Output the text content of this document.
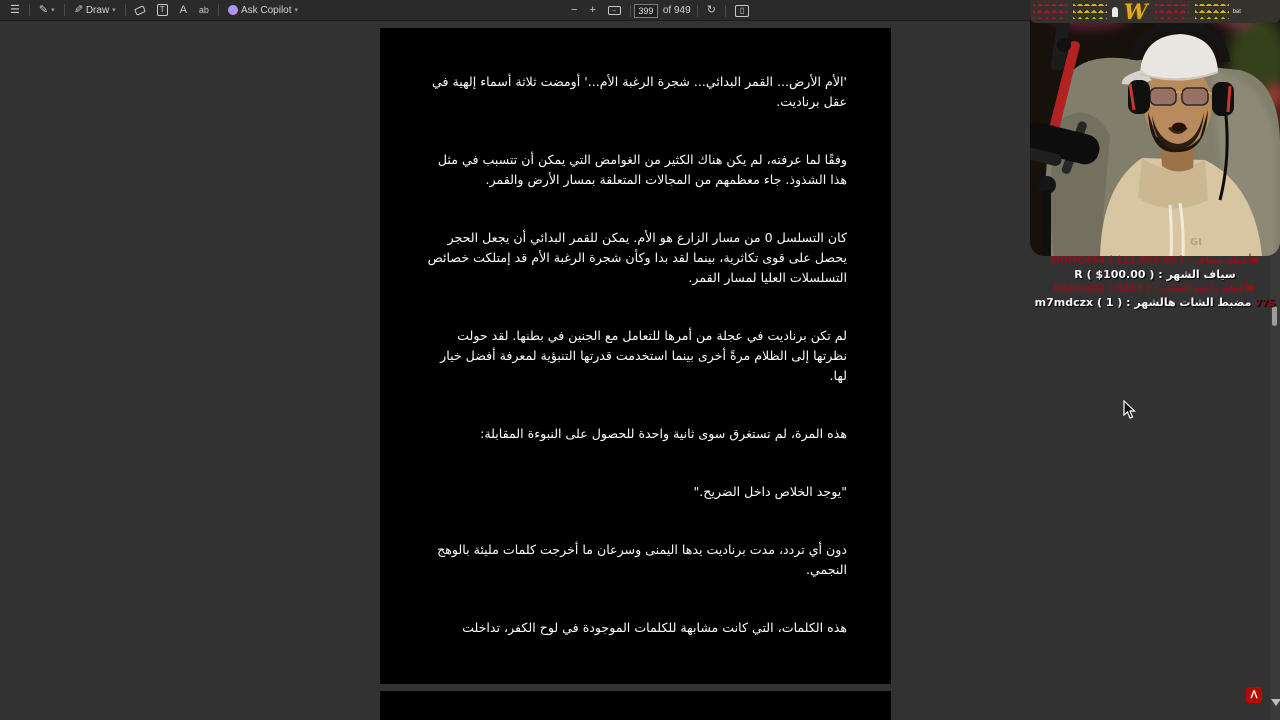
☰ ✎ ▾ ✎ Draw ▾	T A ab	Ask Copilot ▾	− +	⇔
399	of 949 ↻	▯

'الأم الأرض... القمر البدائي... شجرة الرغبة الأم...' أومضت ثلاثة أسماء إلهية في عقل برناديت.

وفقًا لما عرفته، لم يكن هناك الكثير من الغوامض التي يمكن أن تتسبب في مثل هذا الشذوذ. جاء معظمهم من المجالات المتعلقة بمسار الأرض والقمر.

كان التسلسل 0 من مسار الزارع هو الأم. يمكن للقمر البدائي أن يجعل الحجر يحصل على قوى تكاثرية، بينما لقد بدا وكأن شجرة الرغبة الأم قد إمتلكت خصائص التسلسلات العليا لمسار القمر.

لم تكن برناديت في عجلة من أمرها للتعامل مع الجنين في بطنها. لقد حولت نظرتها إلى الظلام مرةً أخرى بينما استخدمت قدرتها التنبؤية لمعرفة أفضل خيار لها.

هذه المرة، لم تستغرق سوى ثانية واحدة للحصول على النبوءة المقابلة:

"يوجد الخلاص داخل الضريح."

دون أي تردد، مدت برناديت يدها اليمنى وسرعان ما أخرجت كلمات مليئة بالوهج النجمي.

هذه الكلمات، التي كانت مشابهة للكلمات الموجودة في لوح الكفر، تداخلت

GI
W	bat
أعظم سياف : MOMO454 ( $11,500.00 )
سياف الشهر : R ( $100.00 )
أعظم راعية الشات : ibiance92 ( 6133 )
77S مضبط الشات هالشهر : m7mdczx ( 1 )
ꓥ
